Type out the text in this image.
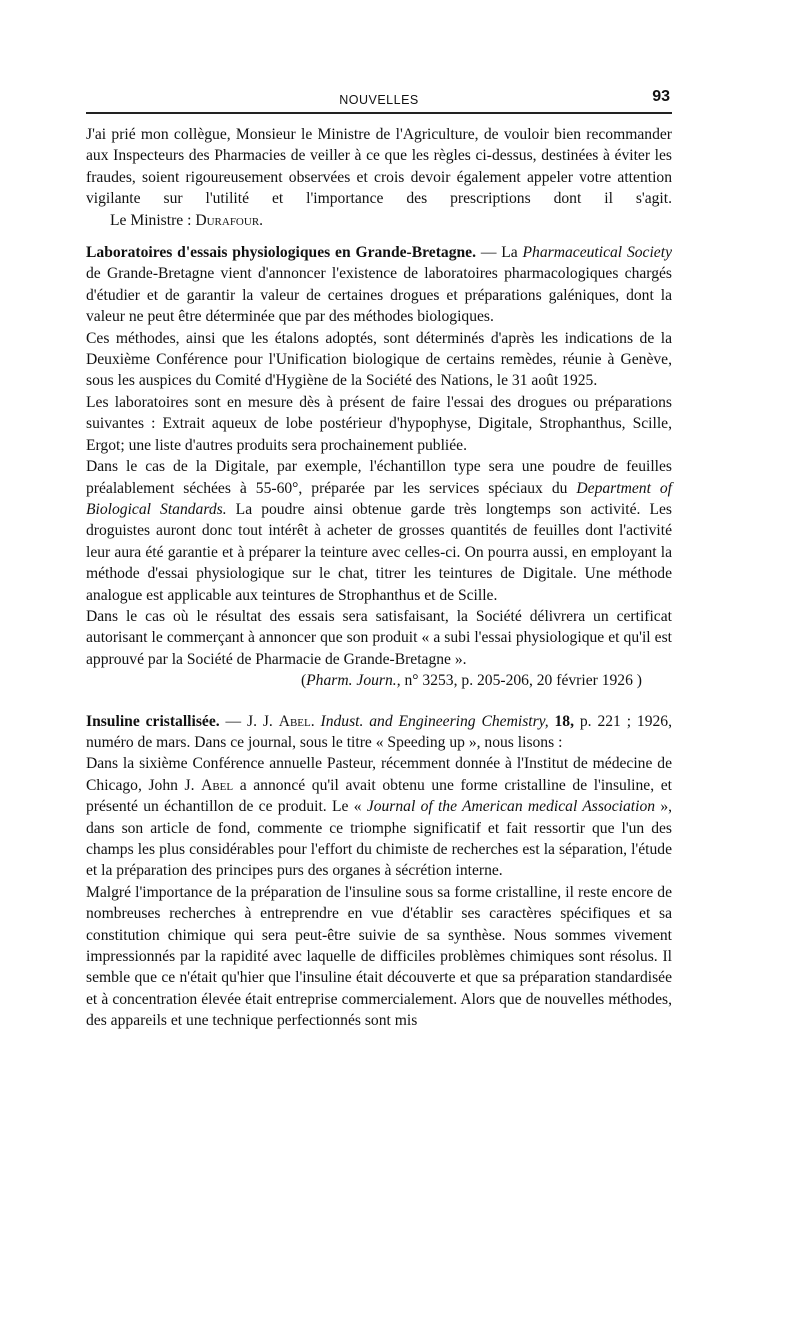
NOUVELLES	93

J'ai prié mon collègue, Monsieur le Ministre de l'Agriculture, de vouloir bien recommander aux Inspecteurs des Pharmacies de veiller à ce que les règles ci-dessus, destinées à éviter les fraudes, soient rigoureusement observées et crois devoir également appeler votre attention vigilante sur l'utilité et l'importance des prescriptions dont il s'agit.Le Ministre : Durafour.

Laboratoires d'essais physiologiques en Grande-Bretagne. — La Pharmaceutical Society de Grande-Bretagne vient d'annoncer l'existence de laboratoires pharmacologiques chargés d'étudier et de garantir la valeur de certaines drogues et préparations galéniques, dont la valeur ne peut être déterminée que par des méthodes biologiques.

Ces méthodes, ainsi que les étalons adoptés, sont déterminés d'après les indications de la Deuxième Conférence pour l'Unification biologique de certains remèdes, réunie à Genève, sous les auspices du Comité d'Hygiène de la Société des Nations, le 31 août 1925.

Les laboratoires sont en mesure dès à présent de faire l'essai des drogues ou préparations suivantes : Extrait aqueux de lobe postérieur d'hypophyse, Digitale, Strophanthus, Scille, Ergot; une liste d'autres produits sera prochainement publiée.

Dans le cas de la Digitale, par exemple, l'échantillon type sera une poudre de feuilles préalablement séchées à 55-60°, préparée par les services spéciaux du Department of Biological Standards. La poudre ainsi obtenue garde très longtemps son activité. Les droguistes auront donc tout intérêt à acheter de grosses quantités de feuilles dont l'activité leur aura été garantie et à préparer la teinture avec celles-ci. On pourra aussi, en employant la méthode d'essai physiologique sur le chat, titrer les teintures de Digitale. Une méthode analogue est applicable aux teintures de Strophanthus et de Scille.

Dans le cas où le résultat des essais sera satisfaisant, la Société délivrera un certificat autorisant le commerçant à annoncer que son produit « a subi l'essai physiologique et qu'il est approuvé par la Société de Pharmacie de Grande-Bretagne ».

(Pharm. Journ., n° 3253, p. 205-206, 20 février 1926 )

Insuline cristallisée. — J. J. Abel. Indust. and Engineering Chemistry, 18, p. 221 ; 1926, numéro de mars. Dans ce journal, sous le titre « Speeding up », nous lisons :

Dans la sixième Conférence annuelle Pasteur, récemment donnée à l'Institut de médecine de Chicago, John J. Abel a annoncé qu'il avait obtenu une forme cristalline de l'insuline, et présenté un échantillon de ce produit. Le « Journal of the American medical Association », dans son article de fond, commente ce triomphe significatif et fait ressortir que l'un des champs les plus considérables pour l'effort du chimiste de recherches est la séparation, l'étude et la préparation des principes purs des organes à sécrétion interne.

Malgré l'importance de la préparation de l'insuline sous sa forme cristalline, il reste encore de nombreuses recherches à entreprendre en vue d'établir ses caractères spécifiques et sa constitution chimique qui sera peut-être suivie de sa synthèse. Nous sommes vivement impressionnés par la rapidité avec laquelle de difficiles problèmes chimiques sont résolus. Il semble que ce n'était qu'hier que l'insuline était découverte et que sa préparation standardisée et à concentration élevée était entreprise commercialement. Alors que de nouvelles méthodes, des appareils et une technique perfectionnés sont mis
